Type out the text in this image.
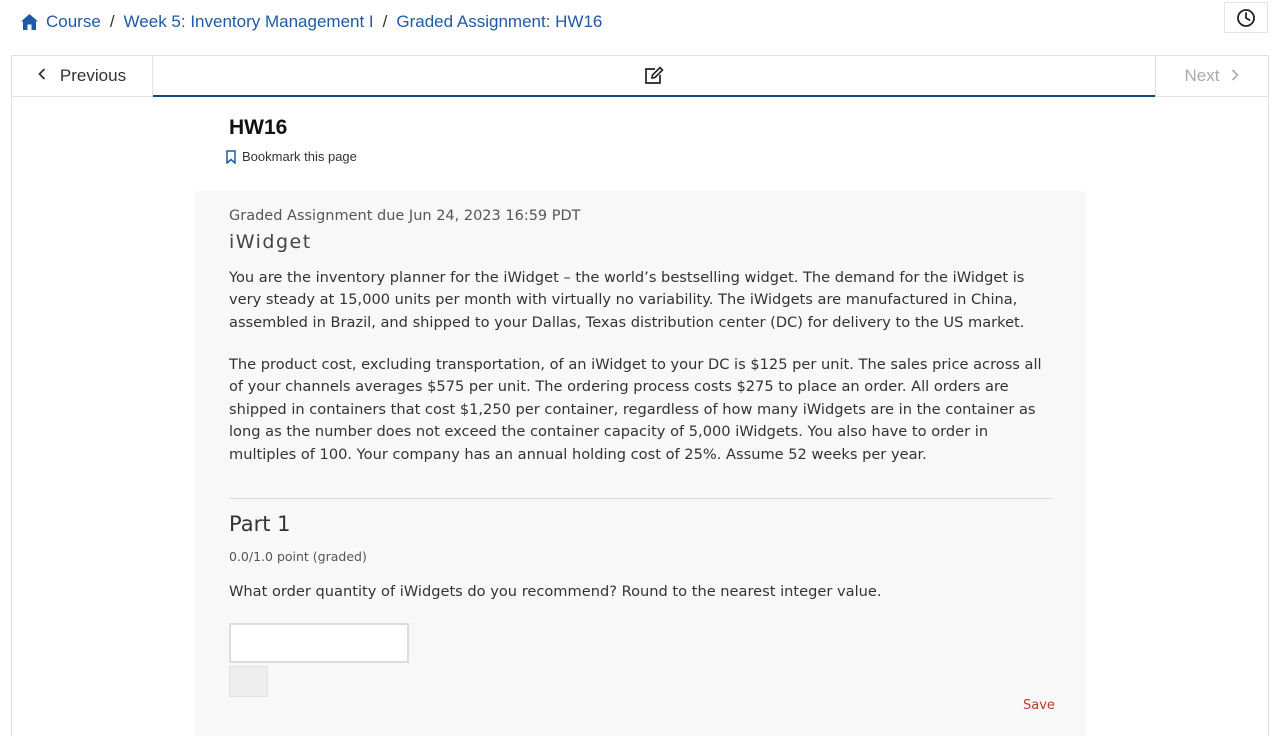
Course / Week 5: Inventory Management I / Graded Assignment: HW16
Previous	Next
HW16
Bookmark this page
Graded Assignment due Jun 24, 2023 16:59 PDT
iWidget

You are the inventory planner for the iWidget – the world’s bestselling widget. The demand for the iWidget is very steady at 15,000 units per month with virtually no variability. The iWidgets are manufactured in China, assembled in Brazil, and shipped to your Dallas, Texas distribution center (DC) for delivery to the US market.

The product cost, excluding transportation, of an iWidget to your DC is $125 per unit. The sales price across all of your channels averages $575 per unit. The ordering process costs $275 to place an order. All orders are shipped in containers that cost $1,250 per container, regardless of how many iWidgets are in the container as long as the number does not exceed the container capacity of 5,000 iWidgets. You also have to order in multiples of 100. Your company has an annual holding cost of 25%. Assume 52 weeks per year.

Part 1
0.0/1.0 point (graded)
What order quantity of iWidgets do you recommend? Round to the nearest integer value.
Save
